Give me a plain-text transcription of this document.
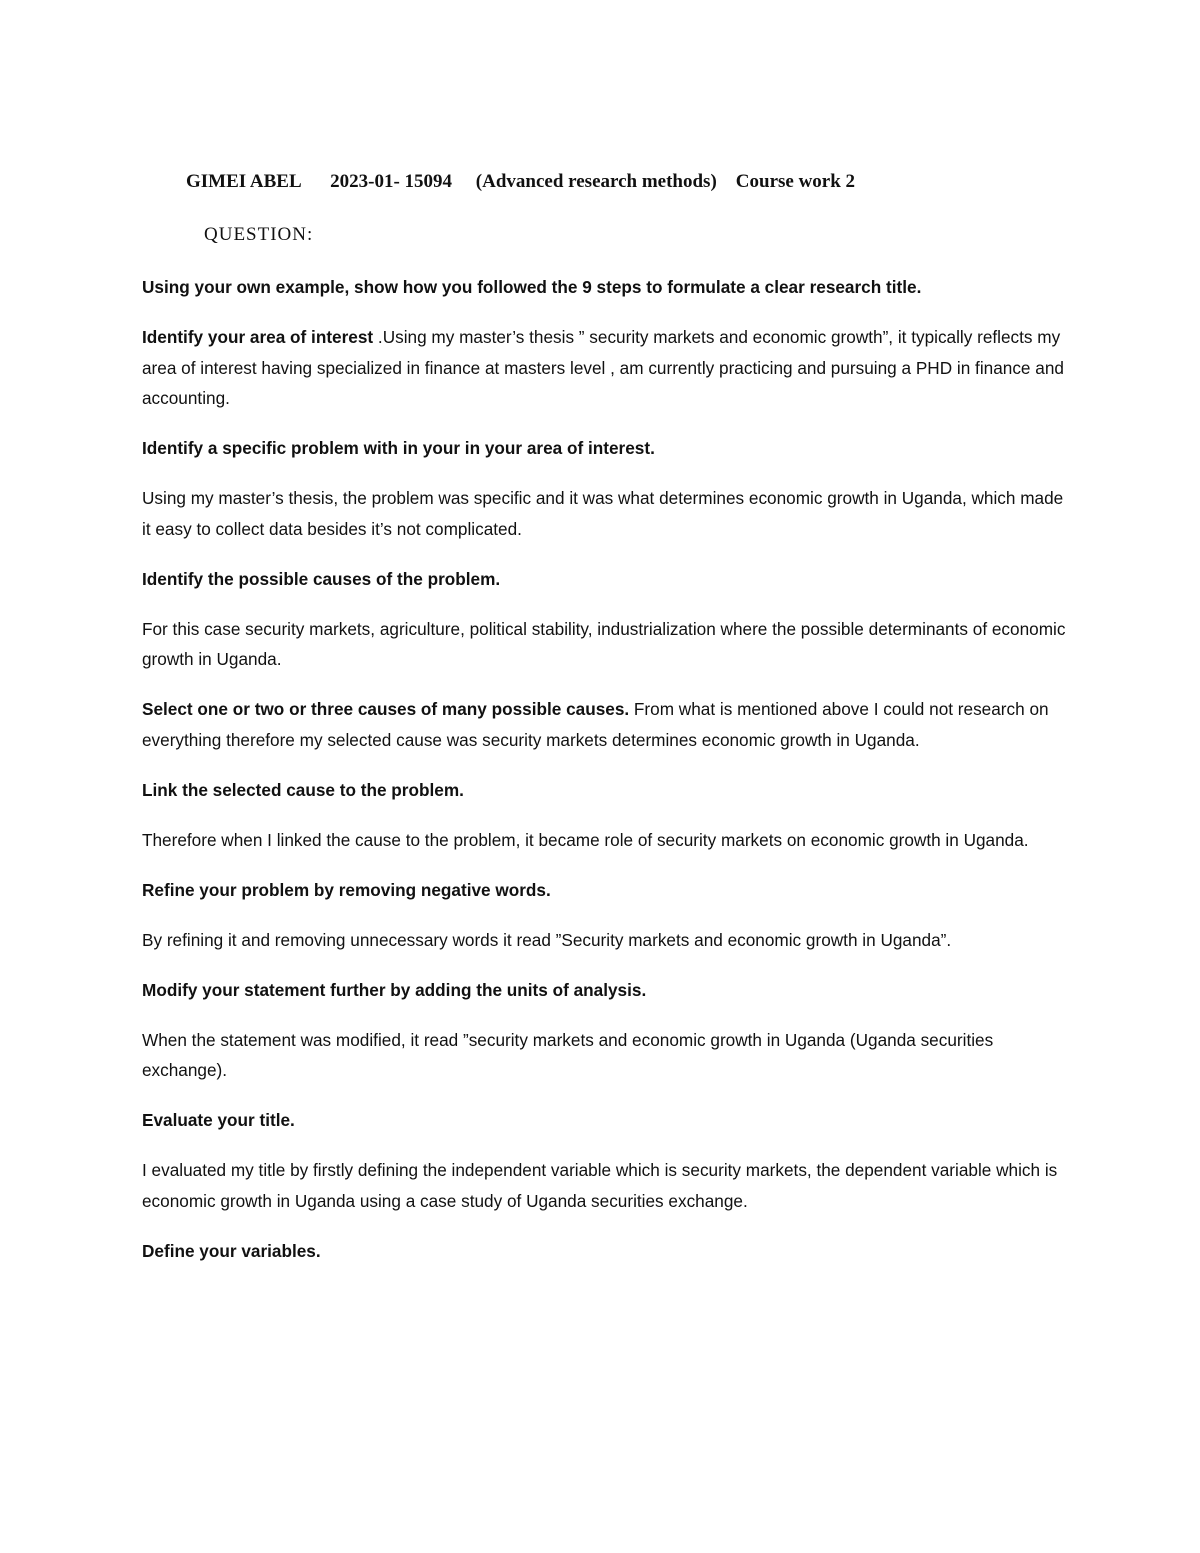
GIMEI ABEL 2023-01- 15094 (Advanced research methods) Course work 2
QUESTION:

Using your own example, show how you followed the 9 steps to formulate a clear research title.

Identify your area of interest .Using my master’s thesis ” security markets and economic growth”, it typically reflects my area of interest having specialized in finance at masters level , am currently practicing and pursuing a PHD in finance and accounting.

Identify a specific problem with in your in your area of interest.

Using my master’s thesis, the problem was specific and it was what determines economic growth in Uganda, which made it easy to collect data besides it’s not complicated.

Identify the possible causes of the problem.

For this case security markets, agriculture, political stability, industrialization where the possible determinants of economic growth in Uganda.

Select one or two or three causes of many possible causes. From what is mentioned above I could not research on everything therefore my selected cause was security markets determines economic growth in Uganda.

Link the selected cause to the problem.

Therefore when I linked the cause to the problem, it became role of security markets on economic growth in Uganda.

Refine your problem by removing negative words.

By refining it and removing unnecessary words it read ”Security markets and economic growth in Uganda”.

Modify your statement further by adding the units of analysis.

When the statement was modified, it read ”security markets and economic growth in Uganda (Uganda securities exchange).

Evaluate your title.

I evaluated my title by firstly defining the independent variable which is security markets, the dependent variable which is economic growth in Uganda using a case study of Uganda securities exchange.

Define your variables.
